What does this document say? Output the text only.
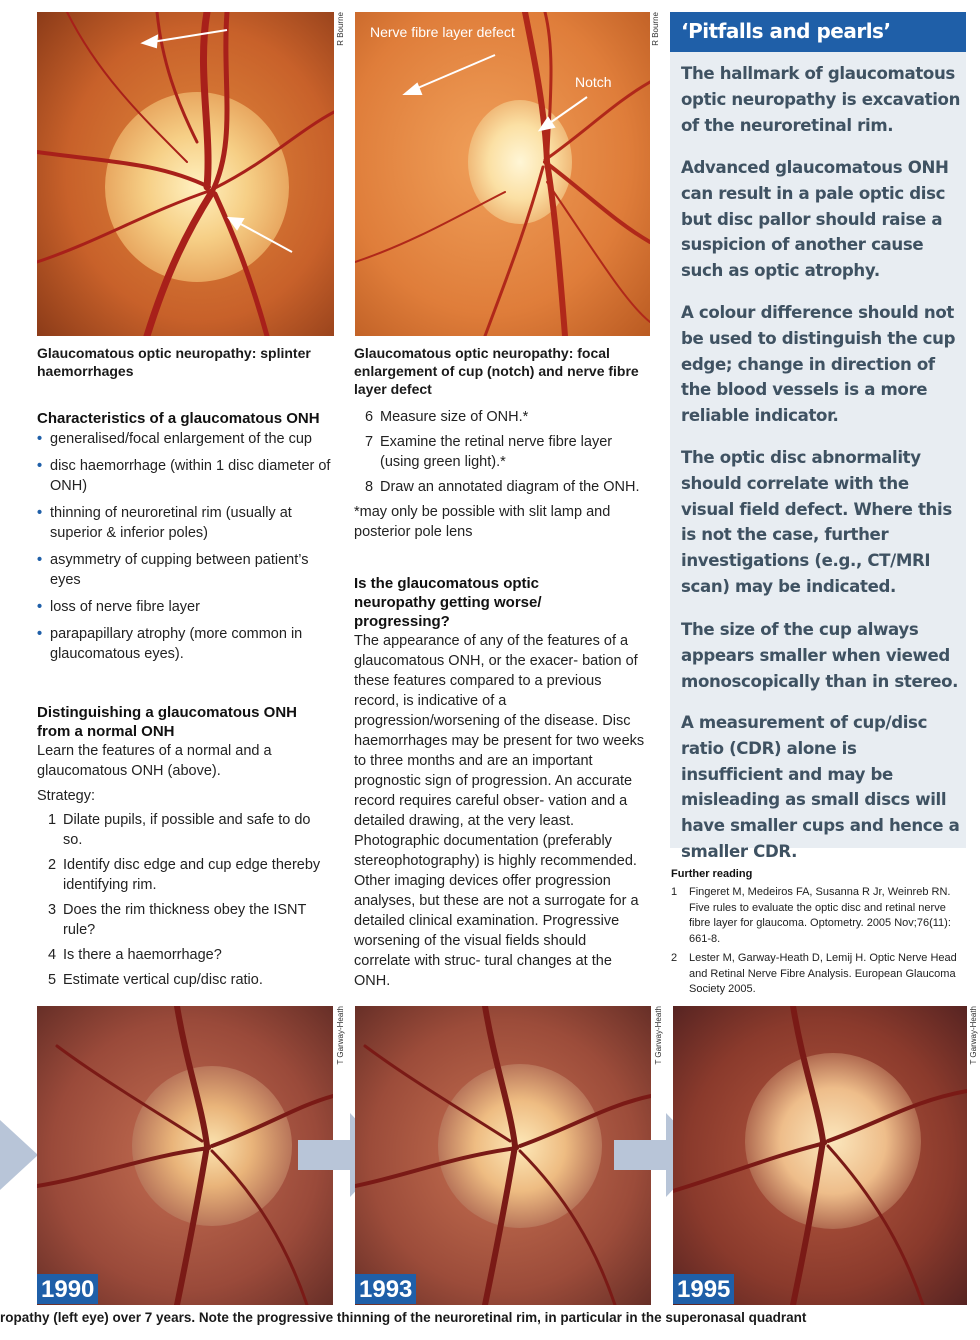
R Bourne Nerve fibre layer defect
Notch
R Bourne
Glaucomatous optic neuropathy: splinter haemorrhages
Glaucomatous optic neuropathy: focal enlargement of cup (notch) and nerve fibre layer defect
Characteristics of a glaucomatous ONH
• generalised/focal enlargement of the cup
• disc haemorrhage (within 1 disc diameter of ONH)
• thinning of neuroretinal rim (usually at superior & inferior poles)
• asymmetry of cupping between patient’s eyes
• loss of nerve fibre layer
• parapapillary atrophy (more common in glaucomatous eyes).
Distinguishing a glaucomatous ONH from a normal ONH
Learn the features of a normal and a glaucomatous ONH (above).
Strategy:
1 Dilate pupils, if possible and safe to do so.
2 Identify disc edge and cup edge thereby identifying rim.
3 Does the rim thickness obey the ISNT rule?
4 Is there a haemorrhage?
5 Estimate vertical cup/disc ratio.
6 Measure size of ONH.*
7 Examine the retinal nerve fibre layer (using green light).*
8 Draw an annotated diagram of the ONH.
*may only be possible with slit lamp and posterior pole lens
Is the glaucomatous optic neuropathy getting worse/ progressing?
The appearance of any of the features of a glaucomatous ONH, or the exacer- bation of these features compared to a previous record, is indicative of a progression/worsening of the disease. Disc haemorrhages may be present for two weeks to three months and are an important prognostic sign of progression. An accurate record requires careful obser- vation and a detailed drawing, at the very least. Photographic documentation (preferably stereophotography) is highly recommended. Other imaging devices offer progression analyses, but these are not a surrogate for a detailed clinical examination. Progressive worsening of the visual fields should correlate with struc- tural changes at the ONH.
‘Pitfalls and pearls’
The hallmark of glaucomatous optic neuropathy is excavation of the neuroretinal rim.
Advanced glaucomatous ONH can result in a pale optic disc but disc pallor should raise a suspicion of another cause such as optic atrophy.
A colour difference should not be used to distinguish the cup edge; change in direction of the blood vessels is a more reliable indicator.
The optic disc abnormality should correlate with the visual field defect. Where this is not the case, further investigations (e.g., CT/MRI scan) may be indicated.
The size of the cup always appears smaller when viewed monoscopically than in stereo.
A measurement of cup/disc ratio (CDR) alone is insufficient and may be misleading as small discs will have smaller cups and hence a smaller CDR.
Further reading
1 Fingeret M, Medeiros FA, Susanna R Jr, Weinreb RN. Five rules to evaluate the optic disc and retinal nerve fibre layer for glaucoma. Optometry. 2005 Nov;76(11): 661-8.
2 Lester M, Garway-Heath D, Lemij H. Optic Nerve Head and Retinal Nerve Fibre Analysis. European Glaucoma Society 2005.
1990
T Garway-Heath
1993
T Garway-Heath
1995
T Garway-Heath
ropathy (left eye) over 7 years. Note the progressive thinning of the neuroretinal rim, in particular in the superonasal quadrant
